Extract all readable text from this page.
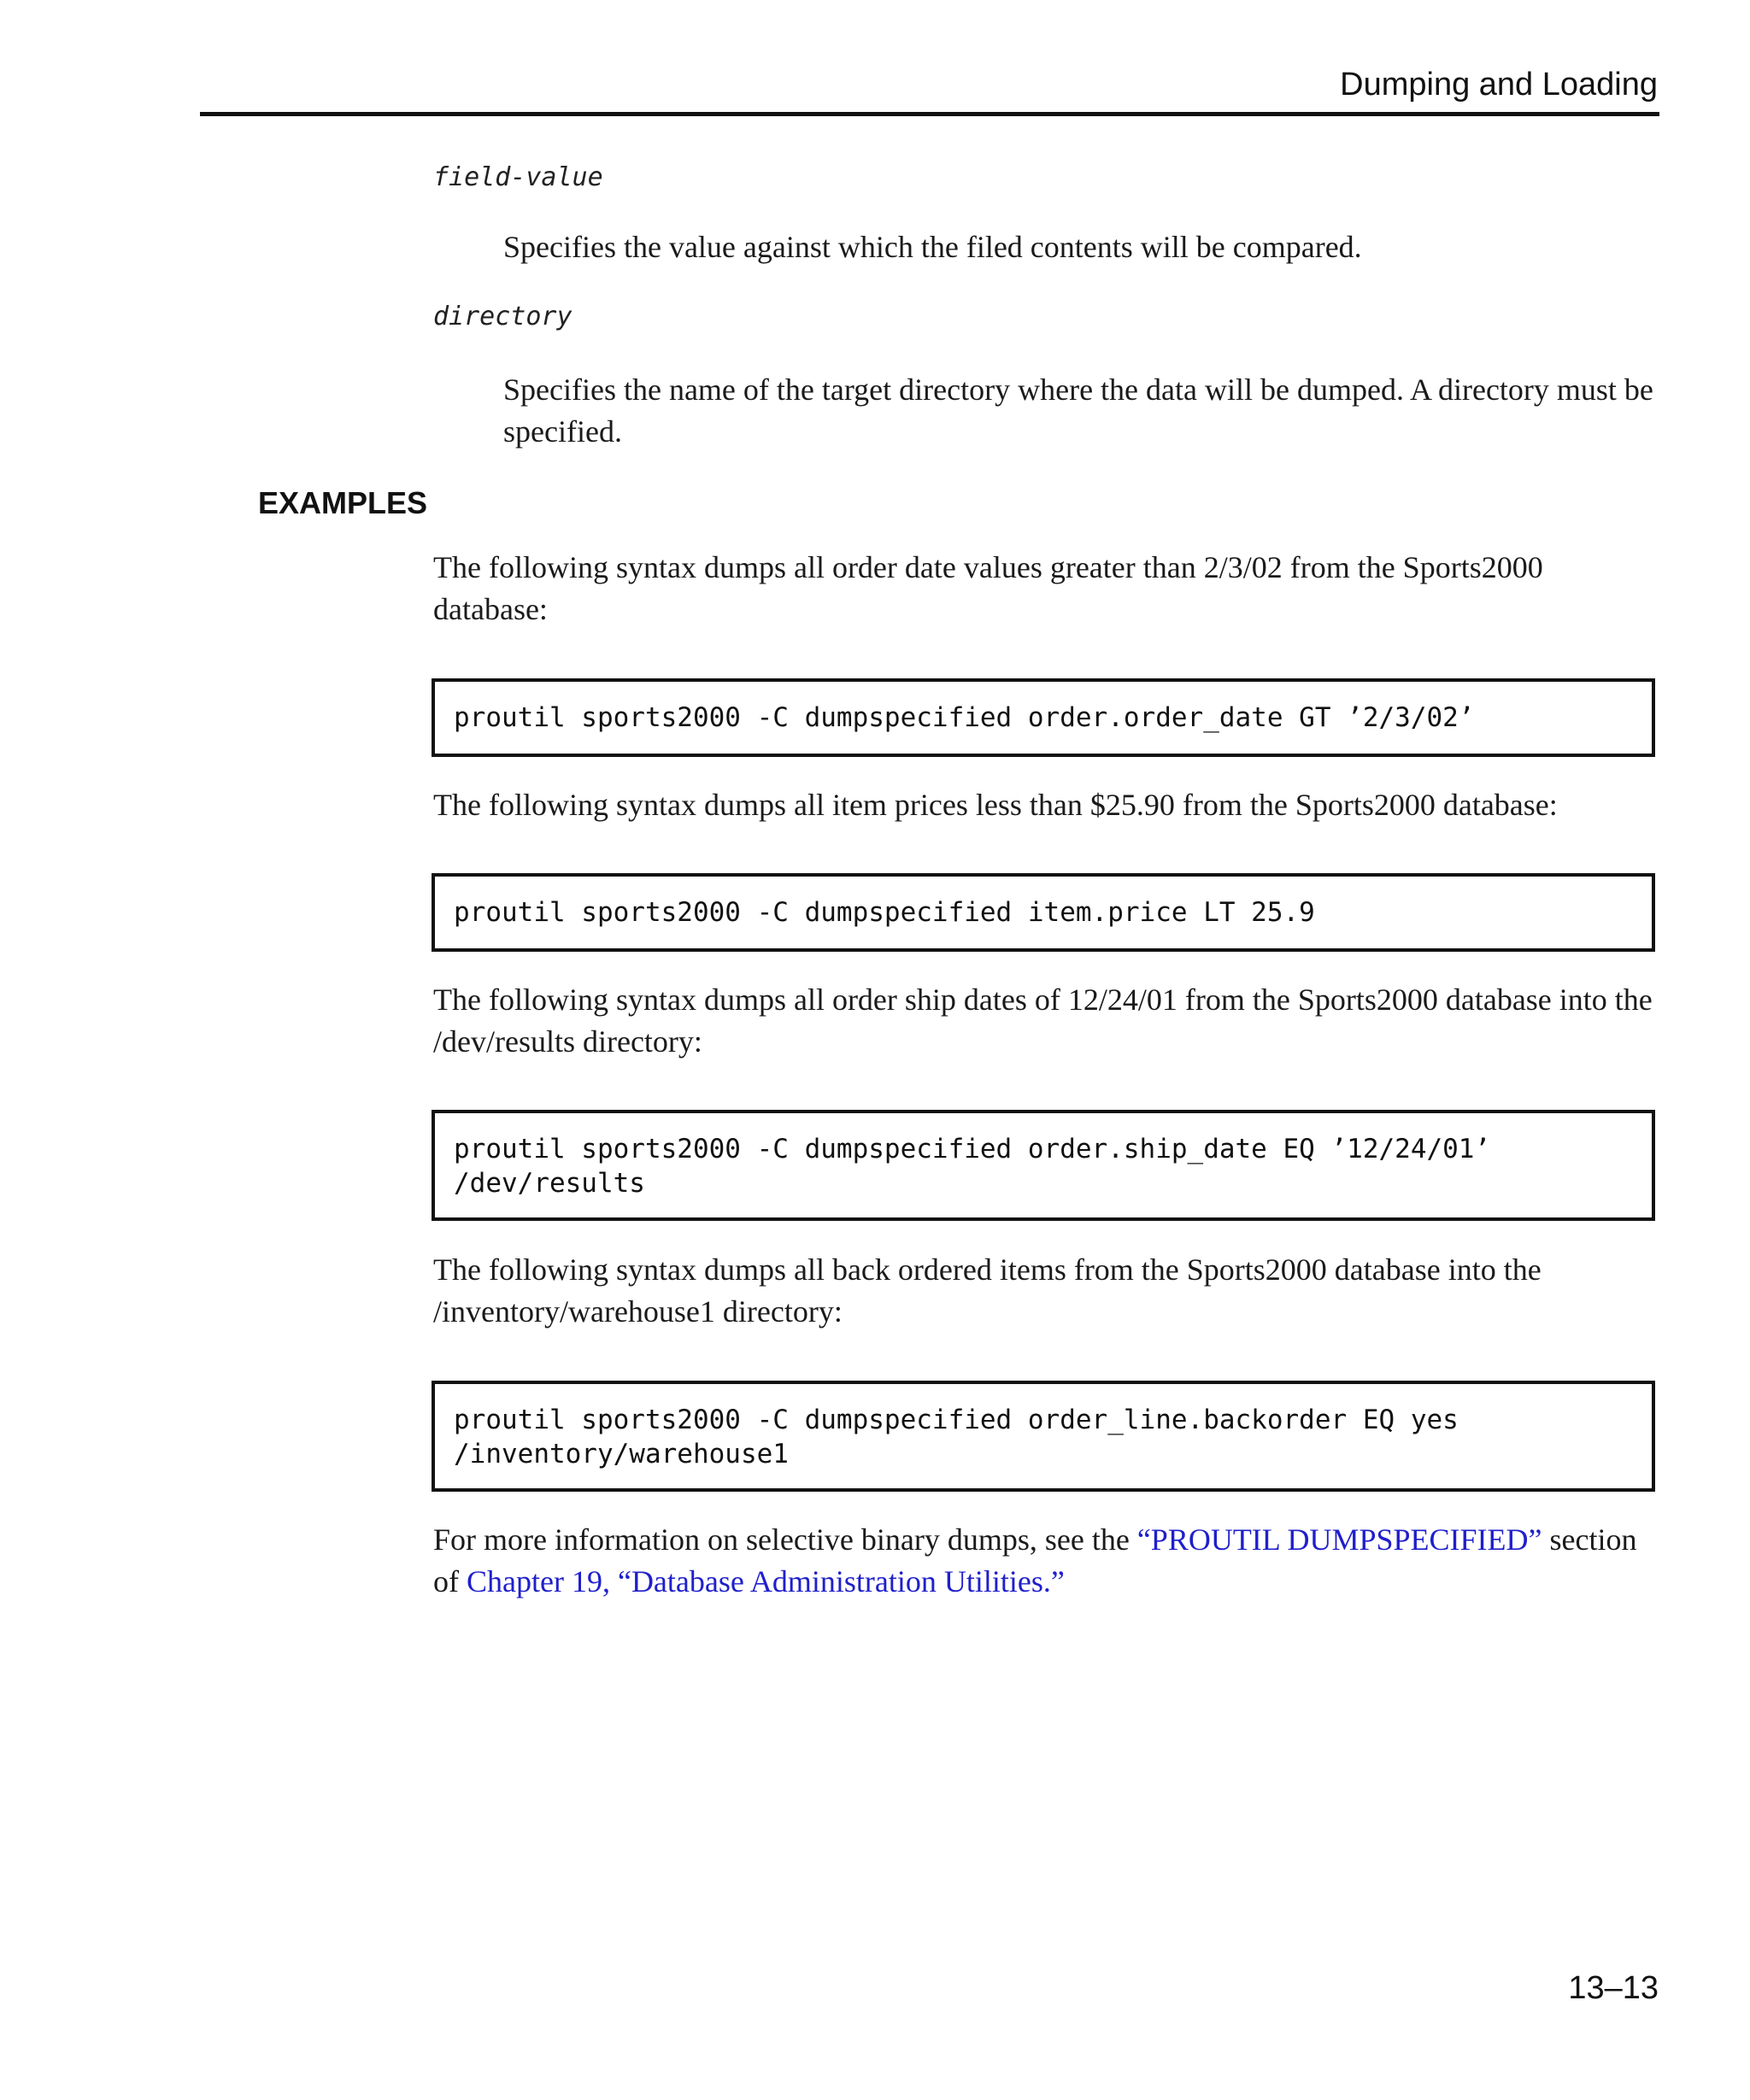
Dumping and Loading
field-value
Specifies the value against which the filed contents will be compared.
directory
Specifies the name of the target directory where the data will be dumped. A directory must be specified.
EXAMPLES
The following syntax dumps all order date values greater than 2/3/02 from the Sports2000 database:
proutil sports2000 -C dumpspecified order.order_date GT ’2/3/02’
The following syntax dumps all item prices less than $25.90 from the Sports2000 database:
proutil sports2000 -C dumpspecified item.price LT 25.9
The following syntax dumps all order ship dates of 12/24/01 from the Sports2000 database into the /dev/results directory:
proutil sports2000 -C dumpspecified order.ship_date EQ ’12/24/01’
/dev/results
The following syntax dumps all back ordered items from the Sports2000 database into the /inventory/warehouse1 directory:
proutil sports2000 -C dumpspecified order_line.backorder EQ yes
/inventory/warehouse1
For more information on selective binary dumps, see the “PROUTIL DUMPSPECIFIED” section of Chapter 19, “Database Administration Utilities.”
13–13
